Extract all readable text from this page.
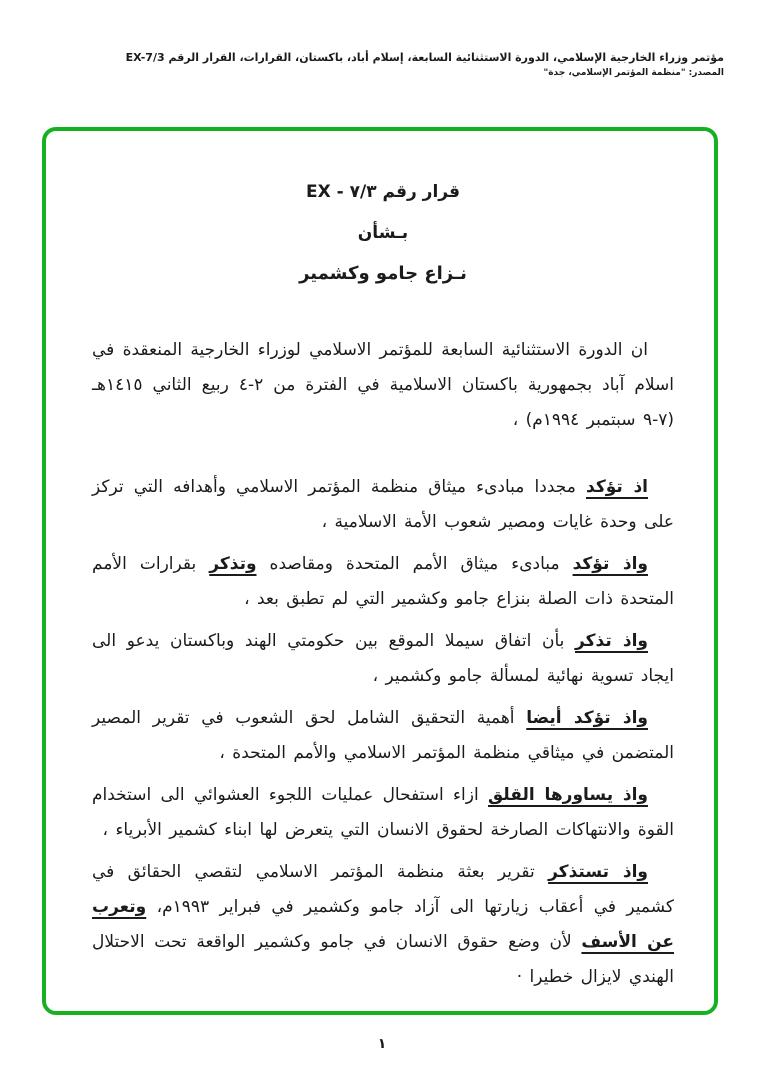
مؤتمر وزراء الخارجية الإسلامي، الدورة الاستثنائية السابعة، إسلام أباد، باكستان، القرارات، القرار الرقم EX-7/3
المصدر: "منظمة المؤتمر الإسلامي، جدة"
قرار رقم ٧/٣ - EX
بـشأن
نـزاع جامو وكشمير

ان الدورة الاستثنائية السابعة للمؤتمر الاسلامي لوزراء الخارجية المنعقدة في اسلام آباد بجمهورية باكستان الاسلامية في الفترة من ٢-٤ ربيع الثاني ١٤١٥هـ (٧-٩ سبتمبر ١٩٩٤م) ،

اذ تؤكد مجددا مبادىء ميثاق منظمة المؤتمر الاسلامي وأهدافه التي تركز على وحدة غايات ومصير شعوب الأمة الاسلامية ،

واذ تؤكد مبادىء ميثاق الأمم المتحدة ومقاصده وتذكر بقرارات الأمم المتحدة ذات الصلة بنزاع جامو وكشمير التي لم تطبق بعد ،

واذ تذكر بأن اتفاق سيملا الموقع بين حكومتي الهند وباكستان يدعو الى ايجاد تسوية نهائية لمسألة جامو وكشمير ،

واذ تؤكد أيضا أهمية التحقيق الشامل لحق الشعوب في تقرير المصير المتضمن في ميثاقي منظمة المؤتمر الاسلامي والأمم المتحدة ،

واذ يساورها القلق ازاء استفحال عمليات اللجوء العشوائي الى استخدام القوة والانتهاكات الصارخة لحقوق الانسان التي يتعرض لها ابناء كشمير الأبرياء ،

واذ تستذكر تقرير بعثة منظمة المؤتمر الاسلامي لتقصي الحقائق في كشمير في أعقاب زيارتها الى آزاد جامو وكشمير في فبراير ١٩٩٣م، وتعرب عن الأسف لأن وضع حقوق الانسان في جامو وكشمير الواقعة تحت الاحتلال الهندي لايزال خطيرا ·

١
